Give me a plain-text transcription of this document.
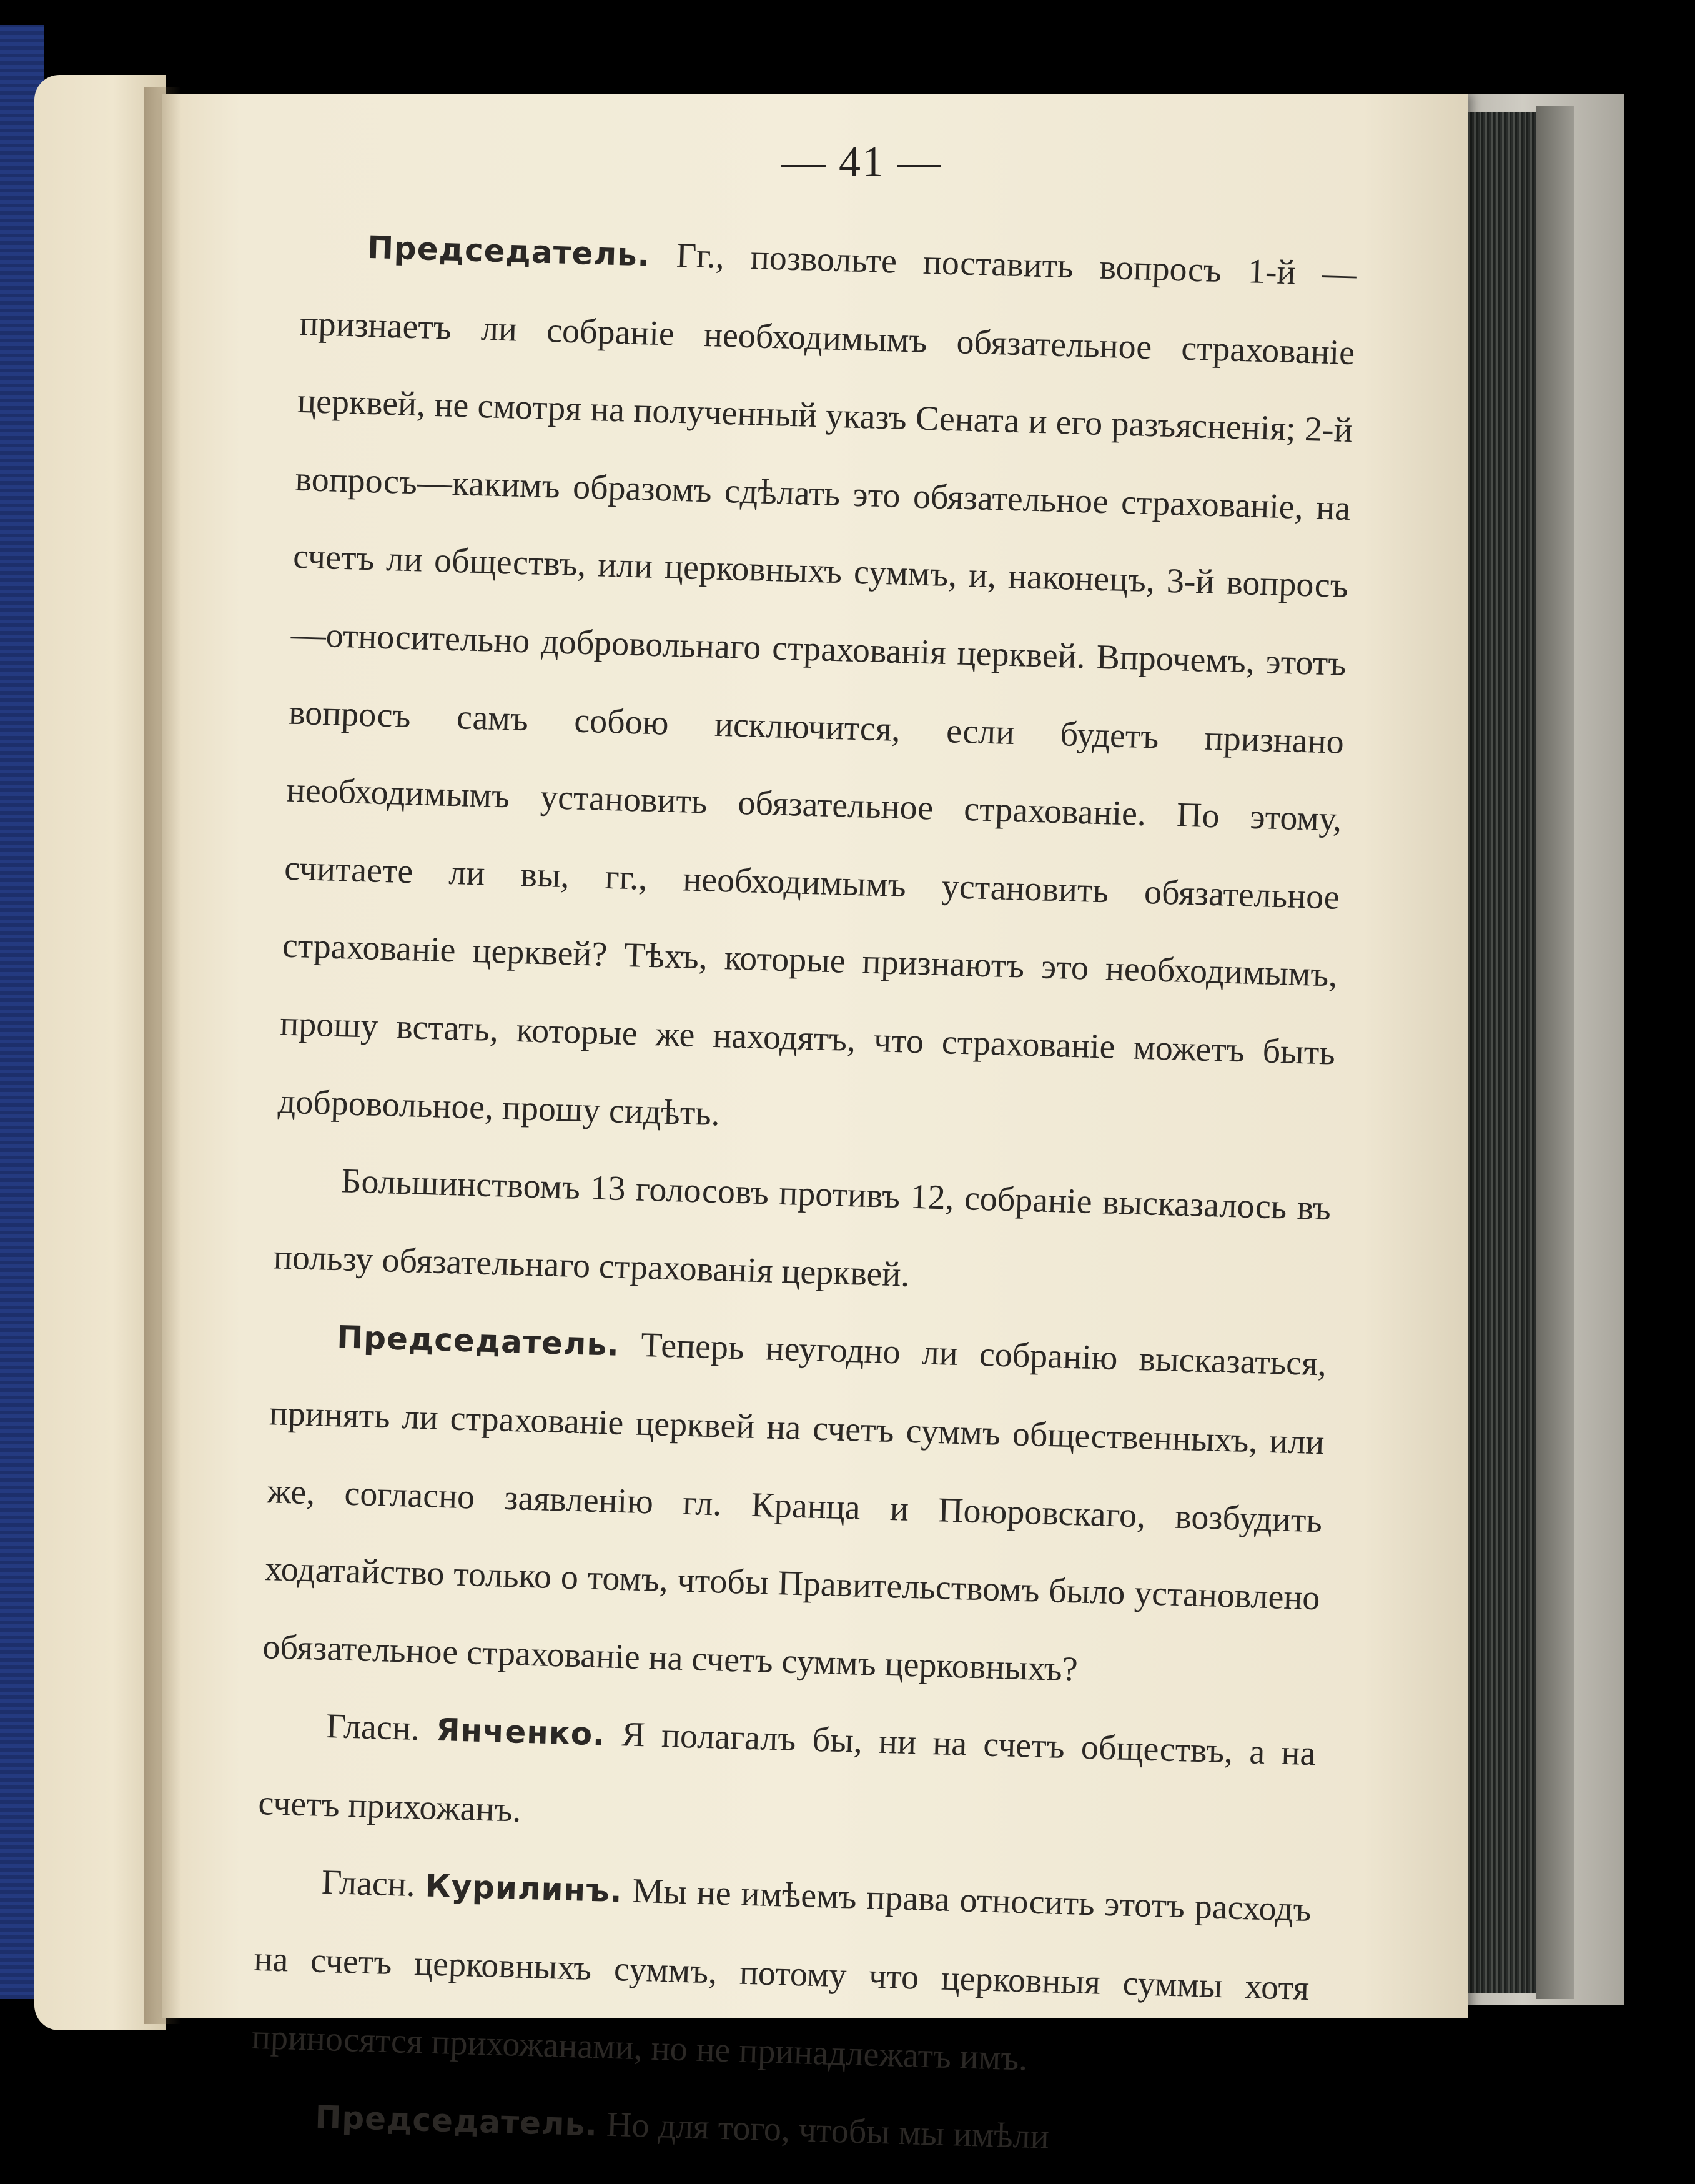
— 41 —

Председатель. Гг., позвольте поставить вопросъ 1-й —признаетъ ли собраніе необходимымъ обязательное страхованіе церквей, не смотря на полученный указъ Сената и его разъясненія; 2-й вопросъ—какимъ образомъ сдѣлать это обязательное страхованіе, на счетъ ли обществъ, или церковныхъ суммъ, и, наконецъ, 3-й вопросъ—относительно добровольнаго страхованія церквей. Впрочемъ, этотъ вопросъ самъ собою исключится, если будетъ признано необходимымъ установить обязательное страхованіе. По этому, считаете ли вы, гг., необходимымъ установить обязательное страхованіе церквей? Тѣхъ, которые признаютъ это необходимымъ, прошу встать, которые же находятъ, что страхованіе можетъ быть добровольное, прошу сидѣть.

Большинствомъ 13 голосовъ противъ 12, собраніе высказалось въ пользу обязательнаго страхованія церквей.

Председатель. Теперь неугодно ли собранію высказаться, принять ли страхованіе церквей на счетъ суммъ общественныхъ, или же, согласно заявленію гл. Кранца и Поюровскаго, возбудить ходатайство только о томъ, чтобы Правительствомъ было установлено обязательное страхованіе на счетъ суммъ церковныхъ?

Гласн. Янченко. Я полагалъ бы, ни на счетъ обществъ, а на счетъ прихожанъ.

Гласн. Курилинъ. Мы не имѣемъ права относить этотъ расходъ на счетъ церковныхъ суммъ, потому что церковныя суммы хотя приносятся прихожанами, но не принадлежатъ имъ.

Председатель. Но для того, чтобы мы имѣли
